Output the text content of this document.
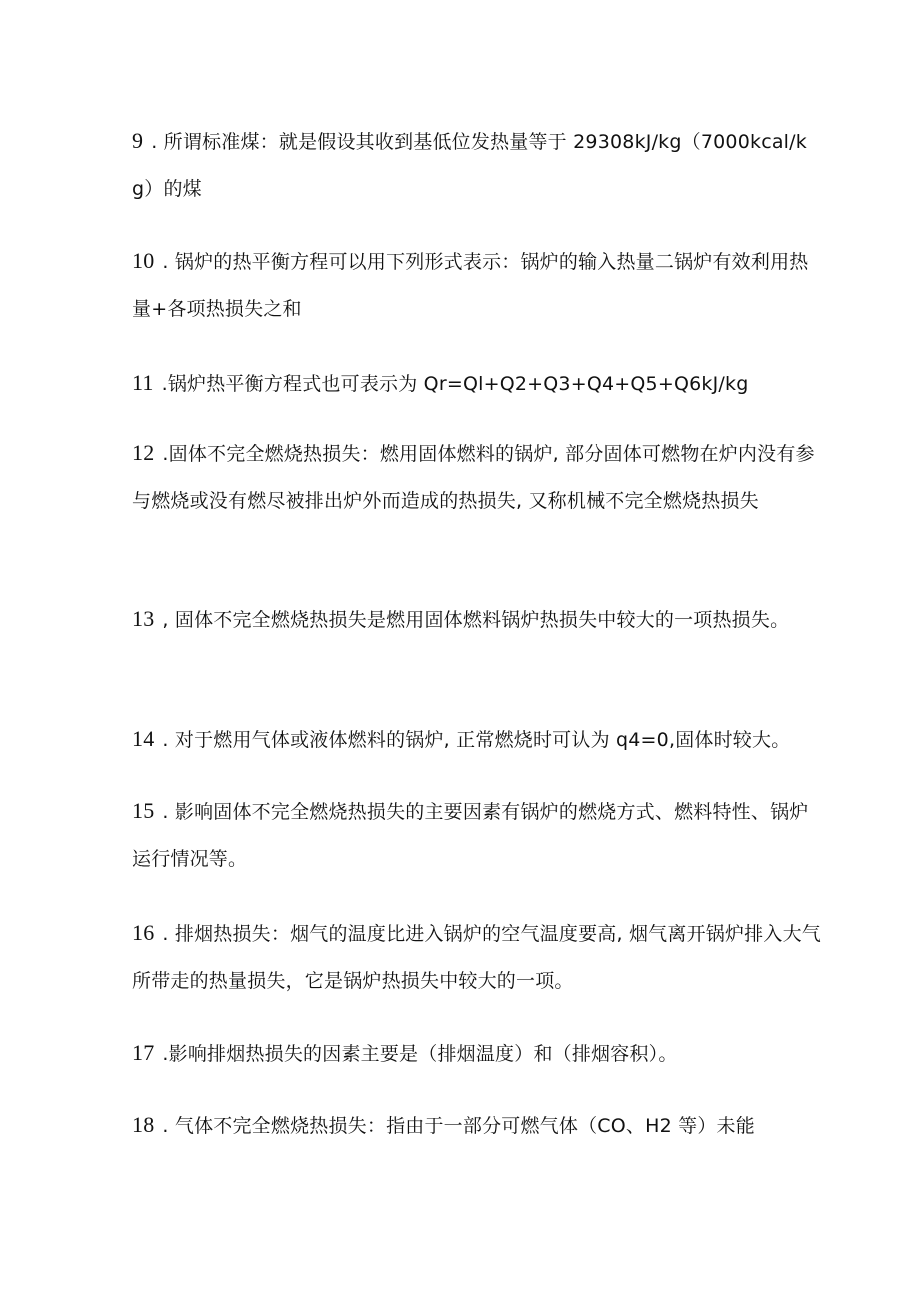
9 . 所谓标准煤：就是假设其收到基低位发热量等于 29308kJ/kg（7000kcal/kg）的煤
10 . 锅炉的热平衡方程可以用下列形式表示：锅炉的输入热量二锅炉有效利用热量+各项热损失之和
11 .锅炉热平衡方程式也可表示为 Qr=Ql+Q2+Q3+Q4+Q5+Q6kJ/kg
12 .固体不完全燃烧热损失：燃用固体燃料的锅炉, 部分固体可燃物在炉内没有参与燃烧或没有燃尽被排出炉外而造成的热损失, 又称机械不完全燃烧热损失
13 , 固体不完全燃烧热损失是燃用固体燃料锅炉热损失中较大的一项热损失。
14 . 对于燃用气体或液体燃料的锅炉, 正常燃烧时可认为 q4=0,固体时较大。
15 . 影响固体不完全燃烧热损失的主要因素有锅炉的燃烧方式、燃料特性、锅炉运行情况等。
16 . 排烟热损失：烟气的温度比进入锅炉的空气温度要高, 烟气离开锅炉排入大气所带走的热量损失，它是锅炉热损失中较大的一项。
17 .影响排烟热损失的因素主要是（排烟温度）和（排烟容积）。
18 . 气体不完全燃烧热损失：指由于一部分可燃气体（CO、H2 等）未能
